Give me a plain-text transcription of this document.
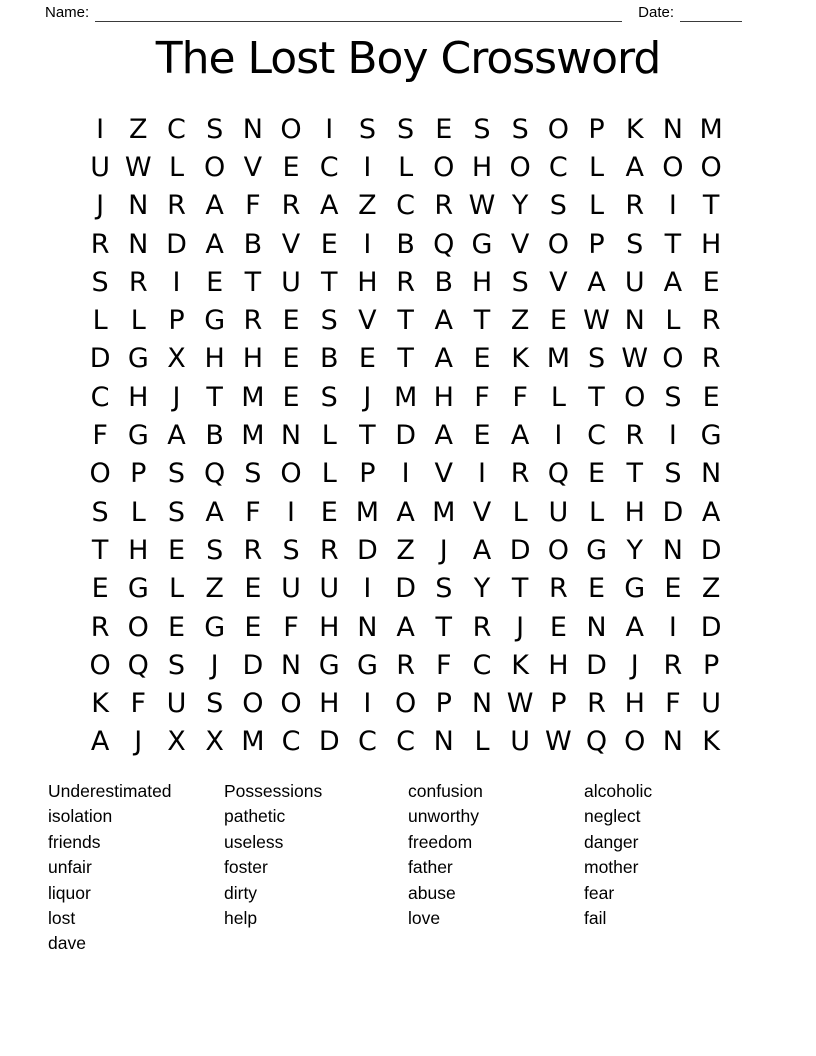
Name:	Date:
The Lost Boy Crossword
I Z C S N O I S S E S S O P K N M
U W L O V E C I L O H O C L A O O
J N R A F R A Z C R W Y S L R I T
R N D A B V E I B Q G V O P S T H
S R I E T U T H R B H S V A U A E
L L P G R E S V T A T Z E W N L R
D G X H H E B E T A E K M S W O R
C H J T M E S J M H F F L T O S E
F G A B M N L T D A E A I C R I G
O P S Q S O L P I V I R Q E T S N
S L S A F I E M A M V L U L H D A
T H E S R S R D Z J A D O G Y N D
E G L Z E U U I D S Y T R E G E Z
R O E G E F H N A T R J E N A I D
O Q S J D N G G R F C K H D J R P
K F U S O O H I O P N W P R H F U
A J X X M C D C C N L U W Q O N K
Underestimated
isolation
friends
unfair
liquor
lost
dave
Possessions
pathetic
useless
foster
dirty
help
confusion
unworthy
freedom
father
abuse
love
alcoholic
neglect
danger
mother
fear
fail
